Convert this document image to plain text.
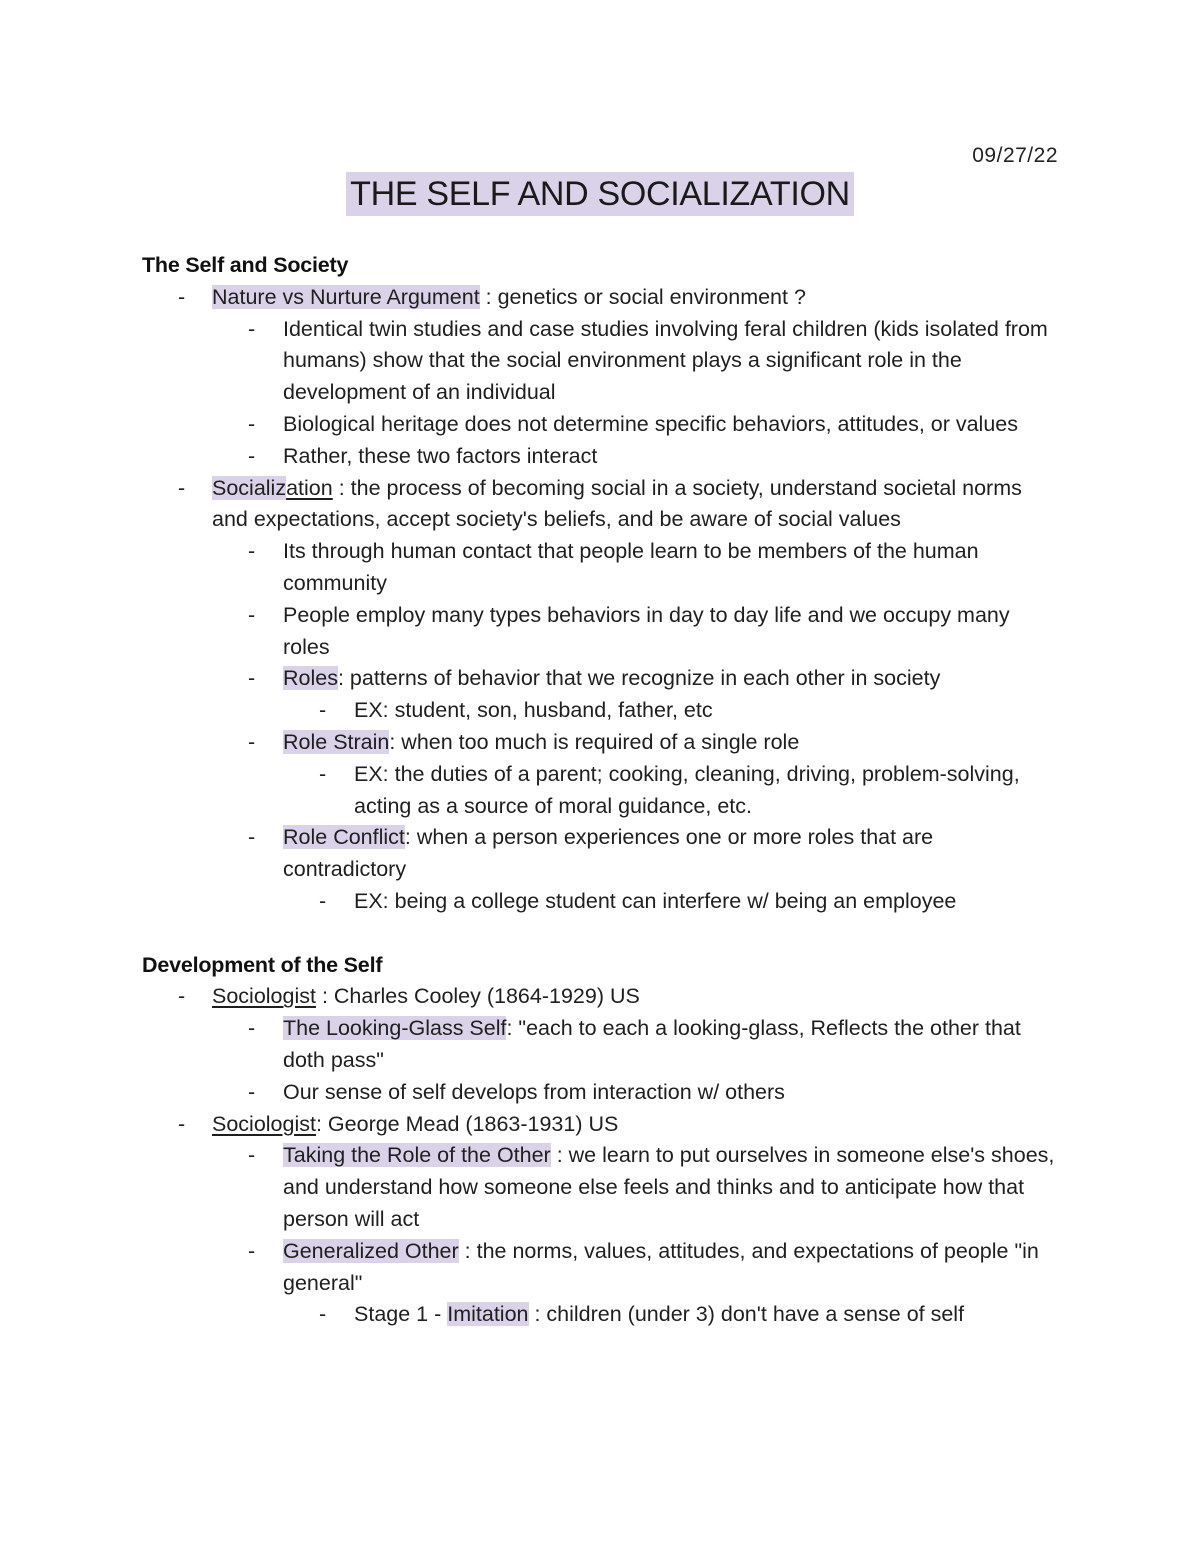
09/27/22
THE SELF AND SOCIALIZATION

The Self and Society

- Nature vs Nurture Argument : genetics or social environment ?

- Identical twin studies and case studies involving feral children (kids isolated from humans) show that the social environment plays a significant role in the development of an individual

- Biological heritage does not determine specific behaviors, attitudes, or values

- Rather, these two factors interact

- Socialization : the process of becoming social in a society, understand societal norms and expectations, accept society's beliefs, and be aware of social values

- Its through human contact that people learn to be members of the human community

- People employ many types behaviors in day to day life and we occupy many roles

- Roles: patterns of behavior that we recognize in each other in society

- EX: student, son, husband, father, etc

- Role Strain: when too much is required of a single role

- EX: the duties of a parent; cooking, cleaning, driving, problem-solving, acting as a source of moral guidance, etc.

- Role Conflict: when a person experiences one or more roles that are contradictory

- EX: being a college student can interfere w/ being an employee

Development of the Self

- Sociologist : Charles Cooley (1864-1929) US

- The Looking-Glass Self: "each to each a looking-glass, Reflects the other that doth pass"

- Our sense of self develops from interaction w/ others

- Sociologist: George Mead (1863-1931) US

- Taking the Role of the Other : we learn to put ourselves in someone else's shoes, and understand how someone else feels and thinks and to anticipate how that person will act

- Generalized Other : the norms, values, attitudes, and expectations of people "in general"

- Stage 1 - Imitation : children (under 3) don't have a sense of self
